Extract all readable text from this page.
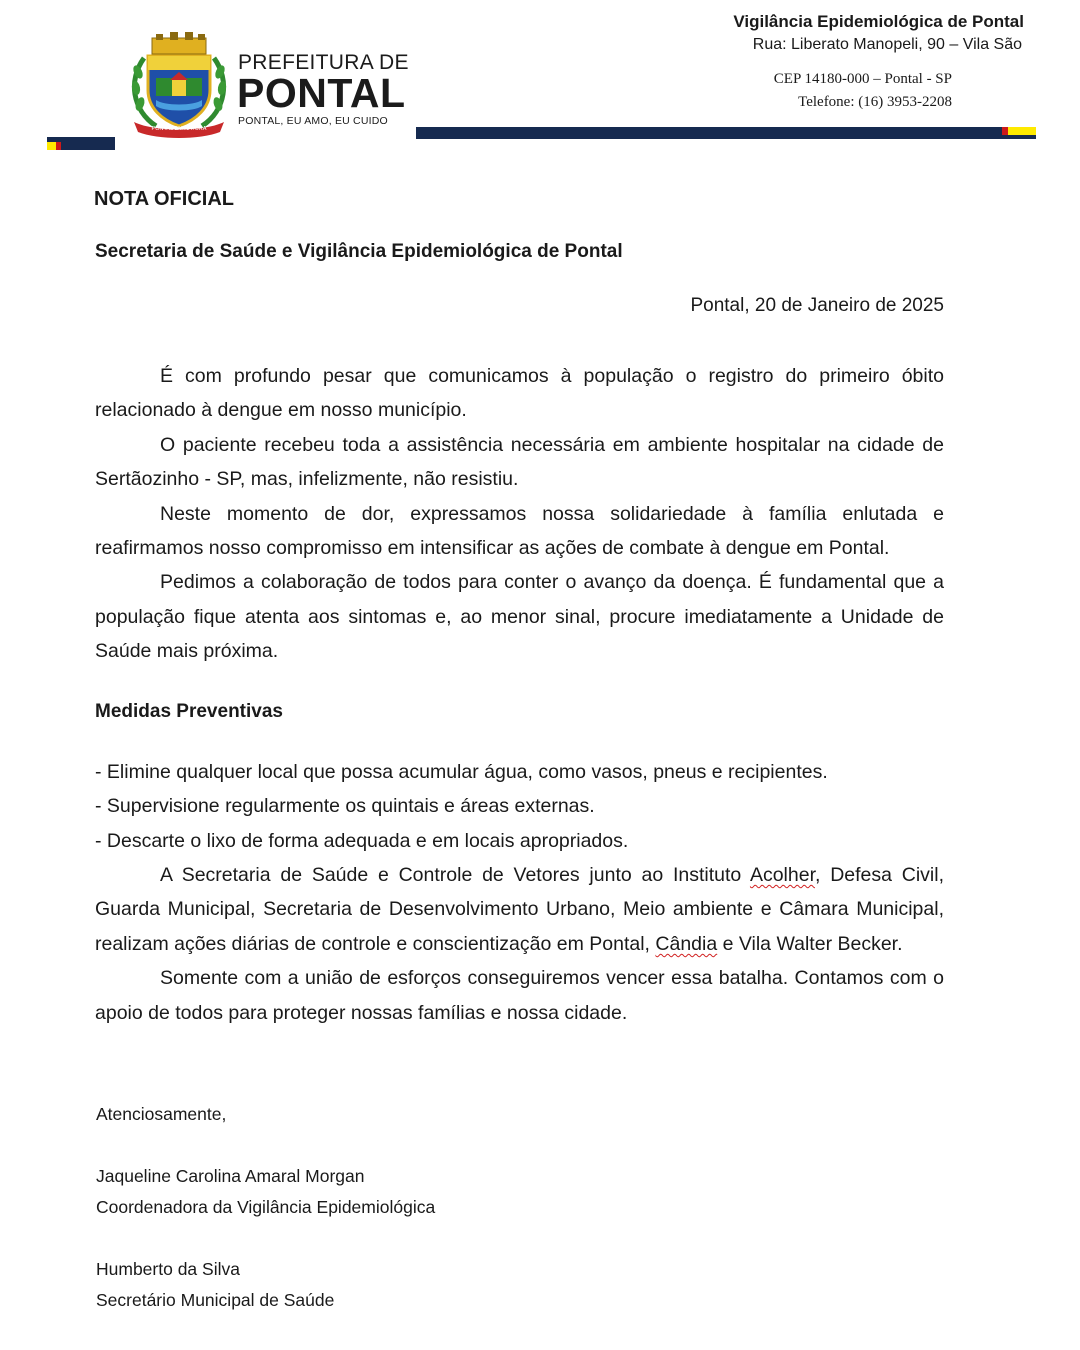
PONTAL EM NATURA
PREFEITURA DE
PONTAL
PONTAL, EU AMO, EU CUIDO
Vigilância Epidemiológica de Pontal
Rua: Liberato Manopeli, 90 – Vila São
CEP 14180-000 – Pontal - SP
Telefone: (16) 3953-2208
NOTA OFICIAL
Secretaria de Saúde e Vigilância Epidemiológica de Pontal
Pontal, 20 de Janeiro de 2025

É com profundo pesar que comunicamos à população o registro do primeiro óbito relacionado à dengue em nosso município.

O paciente recebeu toda a assistência necessária em ambiente hospitalar na cidade de Sertãozinho - SP, mas, infelizmente, não resistiu.

Neste momento de dor, expressamos nossa solidariedade à família enlutada e reafirmamos nosso compromisso em intensificar as ações de combate à dengue em Pontal.

Pedimos a colaboração de todos para conter o avanço da doença. É fundamental que a população fique atenta aos sintomas e, ao menor sinal, procure imediatamente a Unidade de Saúde mais próxima.

Medidas Preventivas
- Elimine qualquer local que possa acumular água, como vasos, pneus e recipientes.
- Supervisione regularmente os quintais e áreas externas.
- Descarte o lixo de forma adequada e em locais apropriados.

A Secretaria de Saúde e Controle de Vetores junto ao Instituto Acolher, Defesa Civil, Guarda Municipal, Secretaria de Desenvolvimento Urbano, Meio ambiente e Câmara Municipal, realizam ações diárias de controle e conscientização em Pontal, Cândia e Vila Walter Becker.

Somente com a união de esforços conseguiremos vencer essa batalha. Contamos com o apoio de todos para proteger nossas famílias e nossa cidade.

Atenciosamente,
Jaqueline Carolina Amaral Morgan
Coordenadora da Vigilância Epidemiológica
Humberto da Silva
Secretário Municipal de Saúde
